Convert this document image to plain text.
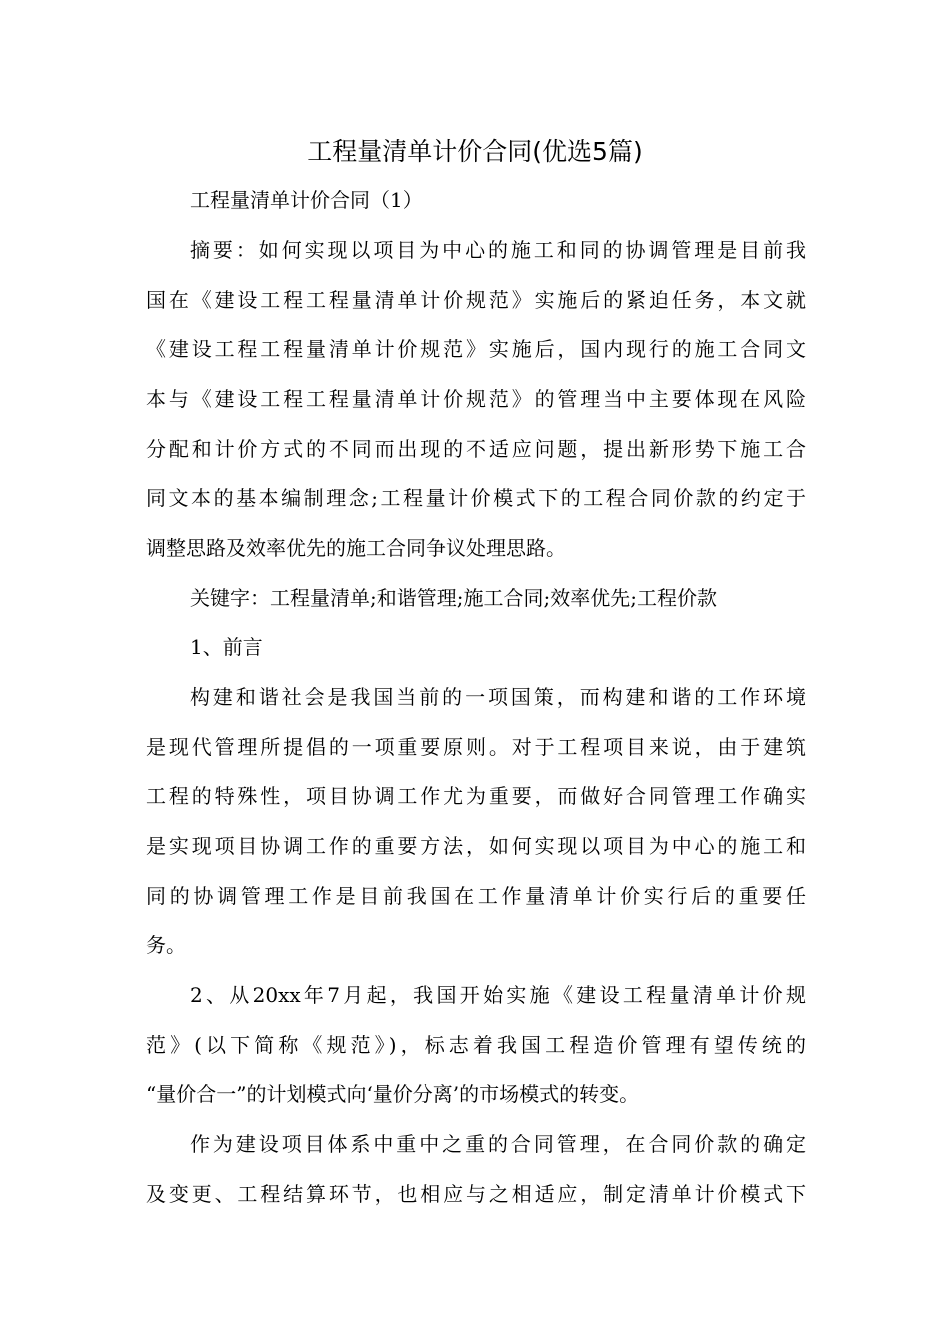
工程量清单计价合同(优选5篇)
工程量清单计价合同（1）
摘要：如何实现以项目为中心的施工和同的协调管理是目前我
国在《建设工程工程量清单计价规范》实施后的紧迫任务，本文就
《建设工程工程量清单计价规范》实施后，国内现行的施工合同文
本与《建设工程工程量清单计价规范》的管理当中主要体现在风险
分配和计价方式的不同而出现的不适应问题，提出新形势下施工合
同文本的基本编制理念;工程量计价模式下的工程合同价款的约定于
调整思路及效率优先的施工合同争议处理思路。
关键字：工程量清单;和谐管理;施工合同;效率优先;工程价款
1、前言
构建和谐社会是我国当前的一项国策，而构建和谐的工作环境
是现代管理所提倡的一项重要原则。对于工程项目来说，由于建筑
工程的特殊性，项目协调工作尤为重要，而做好合同管理工作确实
是实现项目协调工作的重要方法，如何实现以项目为中心的施工和
同的协调管理工作是目前我国在工作量清单计价实行后的重要任
务。
2、从20xx年7月起，我国开始实施《建设工程量清单计价规
范》(以下简称《规范》)，标志着我国工程造价管理有望传统的
“量价合一”的计划模式向‘量价分离’的市场模式的转变。
作为建设项目体系中重中之重的合同管理，在合同价款的确定
及变更、工程结算环节，也相应与之相适应，制定清单计价模式下
